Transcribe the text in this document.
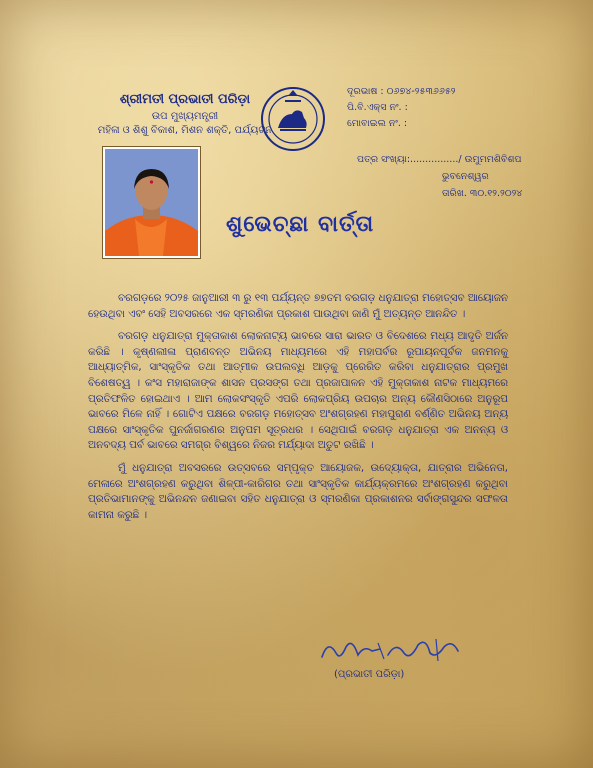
ଶ୍ରୀମତୀ ପ୍ରଭାତୀ ପରିଡ଼ା
ଉପ ମୁଖ୍ୟମନ୍ତ୍ରୀ
ମହିଳା ଓ ଶିଶୁ ବିକାଶ, ମିଶନ ଶକ୍ତି, ପର୍ଯ୍ୟଟନ
ଦୂରଭାଷ : ୦୬୭୪-୨୫୩୬୬୫୨
ପି.ବି.ଏକ୍ସ ନଂ. :
ମୋବାଇଲ ନଂ. :
ପତ୍ର ସଂଖ୍ୟା:................/ ଉମୁମମଶିବିଶପ
ଭୁବନେଶ୍ୱର
ତାରିଖ. ୩୦.୧୨.୨୦୨୪
ଶୁଭେଚ୍ଛା ବାର୍ତ୍ତା

ବରଗଡ଼ରେ ୨୦୨୫ ଜାନୁଆରୀ ୩ ରୁ ୧୩ ପର୍ଯ୍ୟନ୍ତ ୭୭ତମ ବରଗଡ଼ ଧନୁଯାତ୍ରା ମହୋତ୍ସବ ଆୟୋଜନ ହେଉଥିବା ଏବଂ ସେହି ଅବସରରେ ଏକ ସ୍ମରଣିକା ପ୍ରକାଶ ପାଉଥିବା ଜାଣି ମୁଁ ଅତ୍ୟନ୍ତ ଆନନ୍ଦିତ ।

ବରଗଡ଼ ଧନୁଯାତ୍ରା ମୁକ୍ତାକାଶ ଲୋକନାଟ୍ୟ ଭାବରେ ସାରା ଭାରତ ଓ ବିଦେଶରେ ମଧ୍ୟ ଆଦୃତି ଅର୍ଜନ କରିଛି । କୃଷ୍ଣଲୀଳା ପ୍ରାଣବନ୍ତ ଅଭିନୟ ମାଧ୍ୟମରେ ଏହି ମହାପର୍ବର ରୂପାୟନପୂର୍ବକ ଜନମନକୁ ଆଧ୍ୟାତ୍ମିକ, ସାଂସ୍କୃତିକ ତଥା ଆତ୍ମୀକ ଉପଲବ୍ଧି ଆଡ଼କୁ ପ୍ରେରିତ କରିବା ଧନୁଯାତ୍ରାର ପ୍ରମୁଖ ବିଶେଷତ୍ୱ । କଂସ ମହାରାଜାଙ୍କ ଶାସନ ପ୍ରସଙ୍ଗ ତଥା ପ୍ରଜାପାଳନ ଏହି ମୁକ୍ତାକାଶ ନାଟକ ମାଧ୍ୟମରେ ପ୍ରତିଫଳିତ ହୋଇଥାଏ । ଆମ ଲୋକସଂସ୍କୃତି ଏପରି ଲୋକପ୍ରିୟ ଉପଚାର ଅନ୍ୟ କୌଣସିଠାରେ ଅନୁରୂପ ଭାବରେ ମିଳେ ନାହିଁ । ଗୋଟିଏ ପକ୍ଷରେ ବରଗଡ଼ ମହୋତ୍ସବ ଅଂଶଗ୍ରହଣ ମହାପୁରାଣ ବର୍ଣ୍ଣିତ ଅଭିନୟ ଅନ୍ୟ ପକ୍ଷରେ ସାଂସ୍କୃତିକ ପୁନର୍ଜାଗରଣର ଅନୁପମ ସୂତ୍ରଧର । ସେଥିପାଇଁ ବରଗଡ଼ ଧନୁଯାତ୍ରା ଏକ ଅନନ୍ୟ ଓ ଅନବଦ୍ୟ ପର୍ବ ଭାବରେ ସମଗ୍ର ବିଶ୍ୱରେ ନିଜର ମର୍ଯ୍ୟାଦା ଅତୁଟ ରଖିଛି ।

ମୁଁ ଧନୁଯାତ୍ରା ଅବସରରେ ଉତ୍ସବରେ ସମ୍ପୃକ୍ତ ଆୟୋଜକ, ଉଦ୍ୟୋକ୍ତା, ଯାତ୍ରାର ଅଭିନେତା, ମେଳାରେ ଅଂଶଗ୍ରହଣ କରୁଥିବା ଶିଳ୍ପୀ-କାରିଗର ତଥା ସାଂସ୍କୃତିକ କାର୍ଯ୍ୟକ୍ରମରେ ଅଂଶଗ୍ରହଣ କରୁଥିବା ପ୍ରତିଭାମାନଙ୍କୁ ଅଭିନନ୍ଦନ ଜଣାଇବା ସହିତ ଧନୁଯାତ୍ରା ଓ ସ୍ମରଣିକା ପ୍ରକାଶନର ସର୍ବାଙ୍ଗସୁନ୍ଦର ସଫଳତା କାମନା କରୁଛି ।

(ପ୍ରଭାତୀ ପରିଡ଼ା)
